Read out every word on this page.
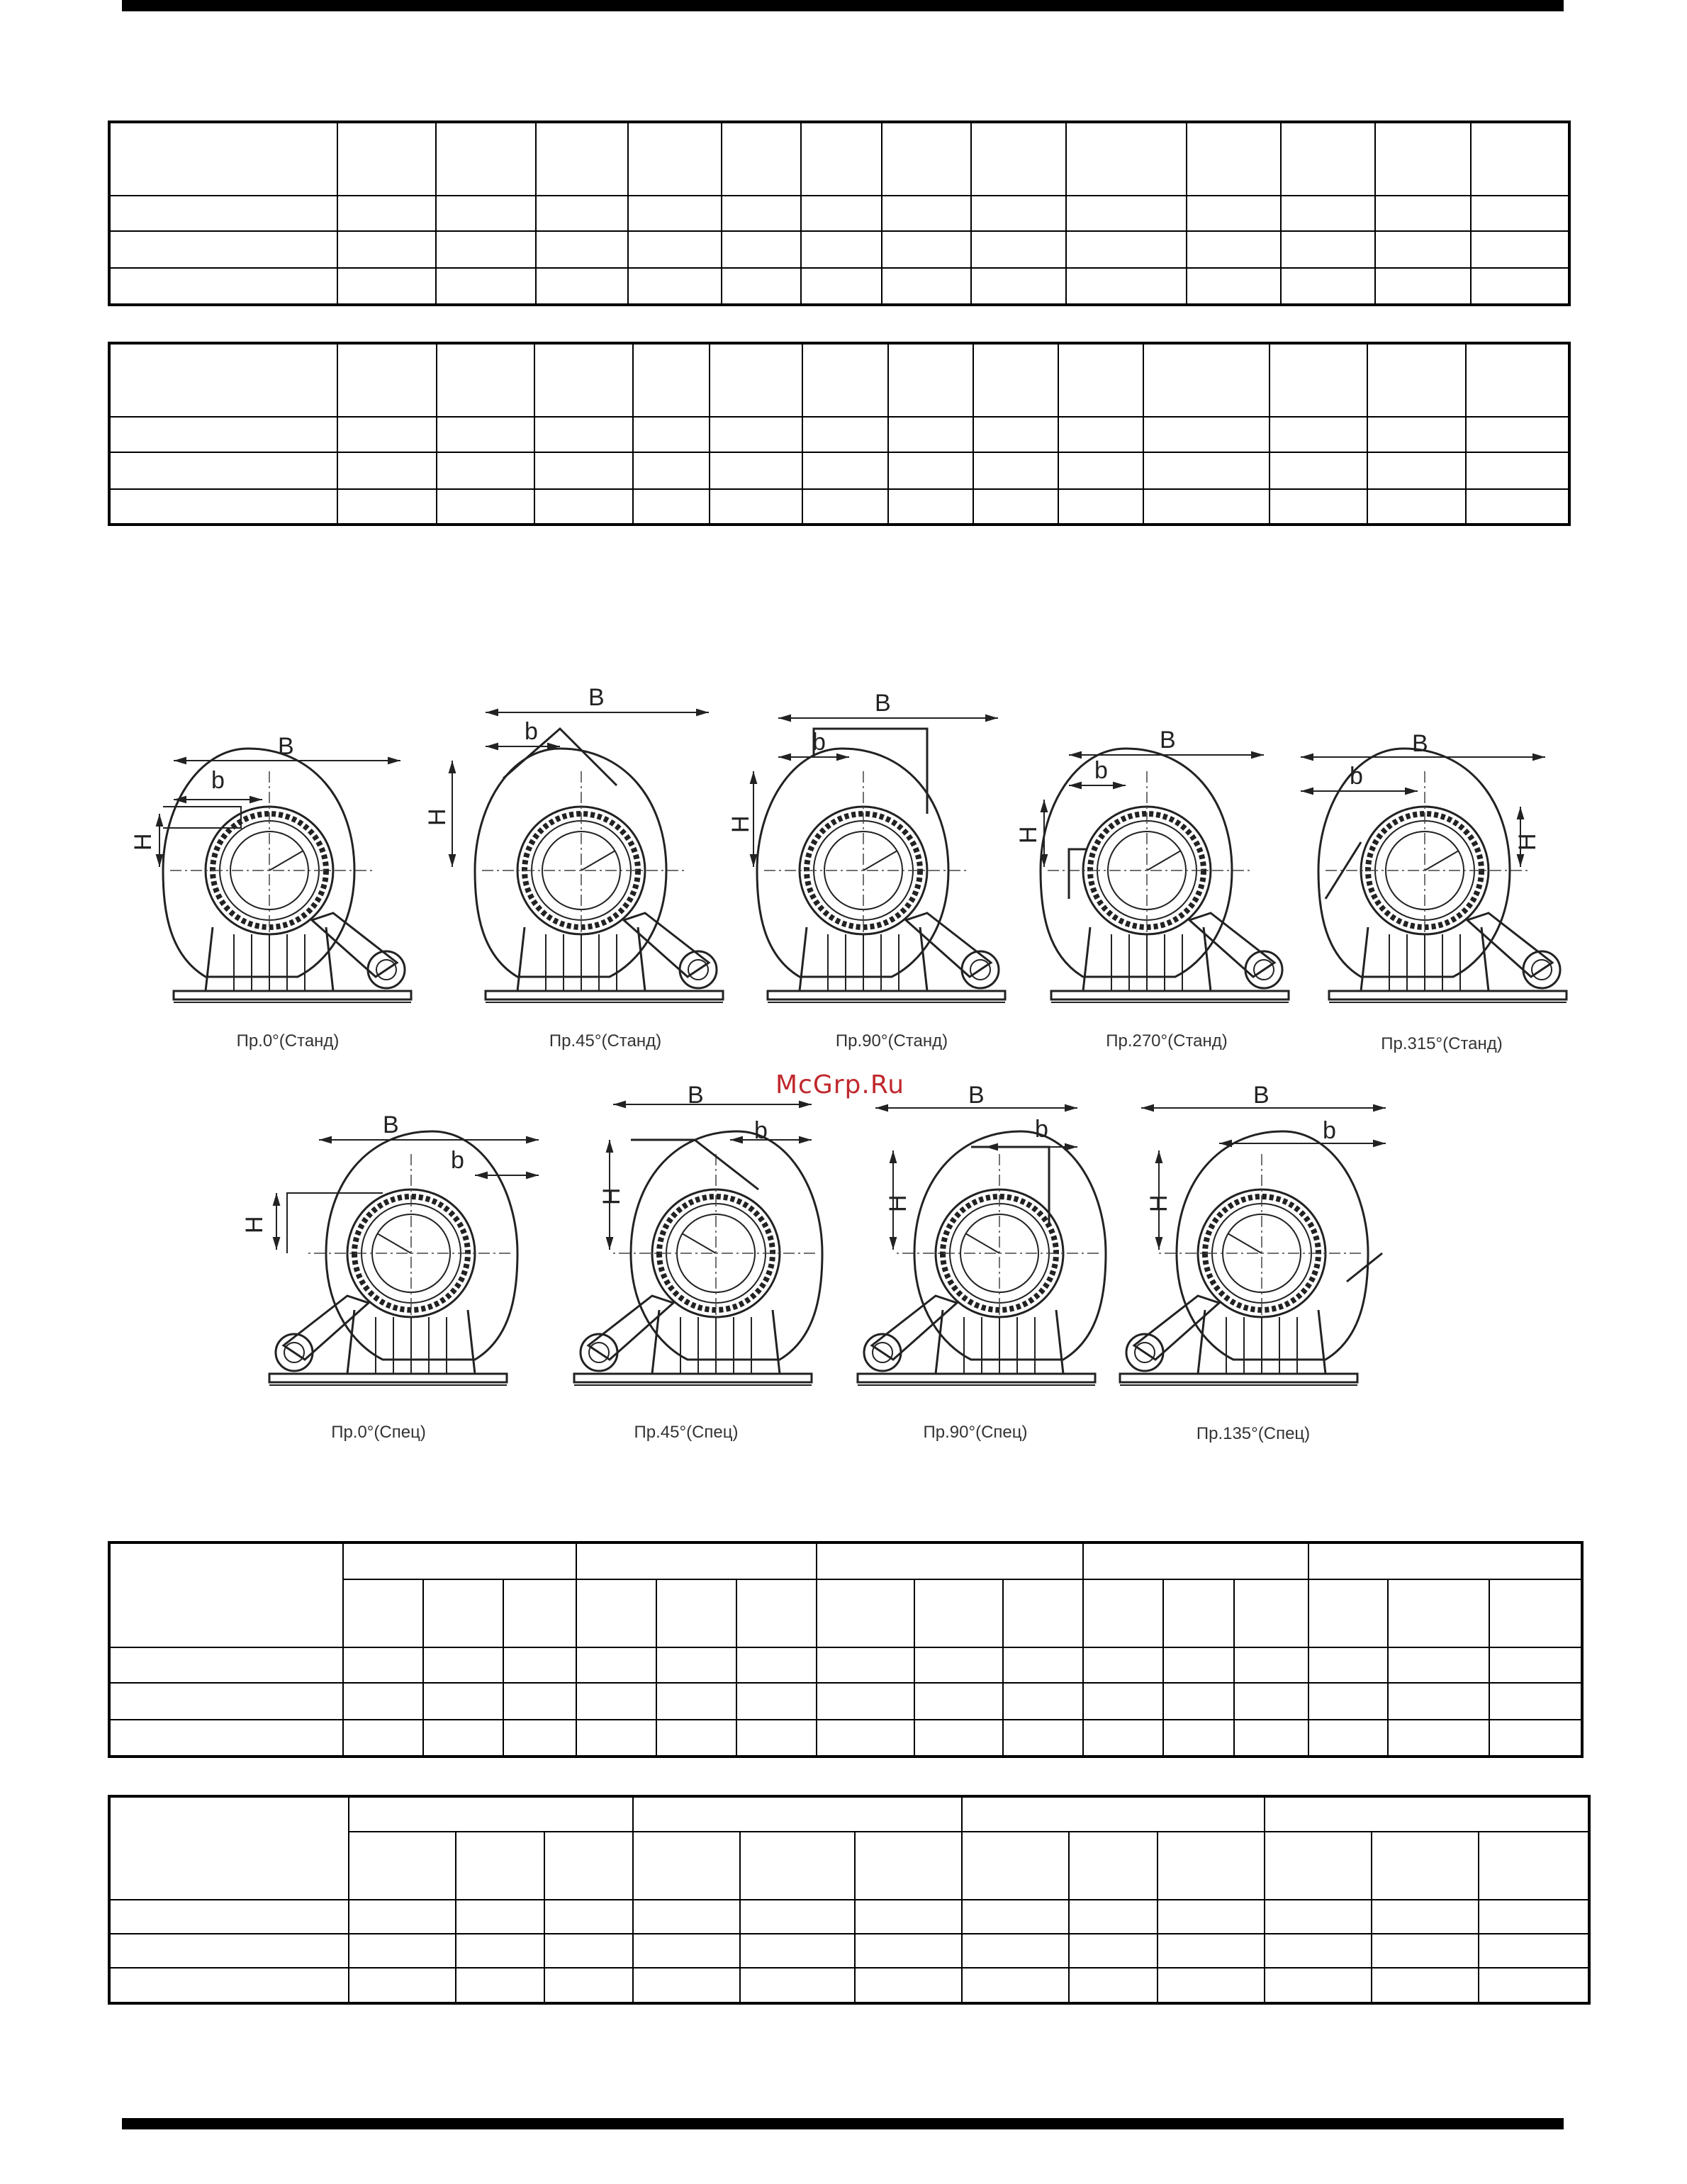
B
b
H
B
b
H
B
b
H
B
b
H
B
b
H
B
b
H
B
b
H
B
b
H
B
b
H
Пр.0°(Станд)	Пр.45°(Станд)	Пр.90°(Станд)	Пр.270°(Станд)	Пр.315°(Станд)
Пр.0°(Спец)	Пр.45°(Спец)	Пр.90°(Спец)	Пр.135°(Спец)
McGrp.Ru
